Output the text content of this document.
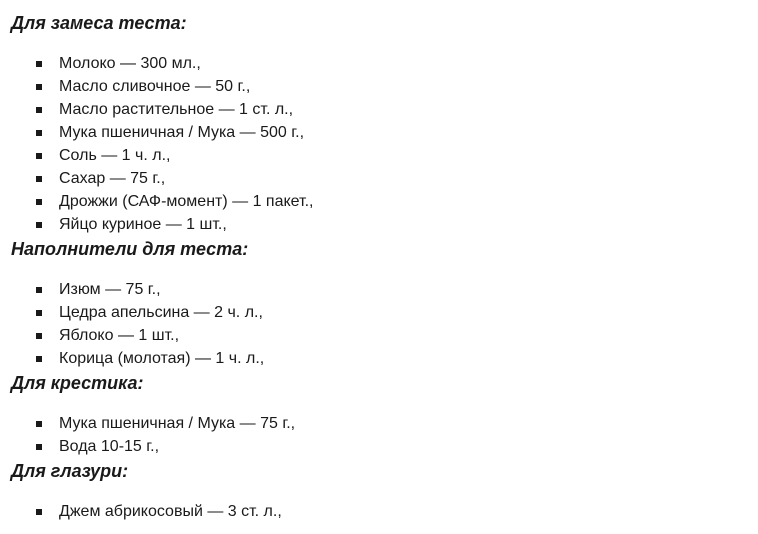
Для замеса теста:
Молоко — 300 мл.,
Масло сливочное — 50 г.,
Масло растительное — 1 ст. л.,
Мука пшеничная / Мука — 500 г.,
Соль — 1 ч. л.,
Сахар — 75 г.,
Дрожжи (САФ-момент) — 1 пакет.,
Яйцо куриное — 1 шт.,
Наполнители для теста:
Изюм — 75 г.,
Цедра апельсина — 2 ч. л.,
Яблоко — 1 шт.,
Корица (молотая) — 1 ч. л.,
Для крестика:
Мука пшеничная / Мука — 75 г.,
Вода 10-15 г.,
Для глазури:
Джем абрикосовый — 3 ст. л.,
